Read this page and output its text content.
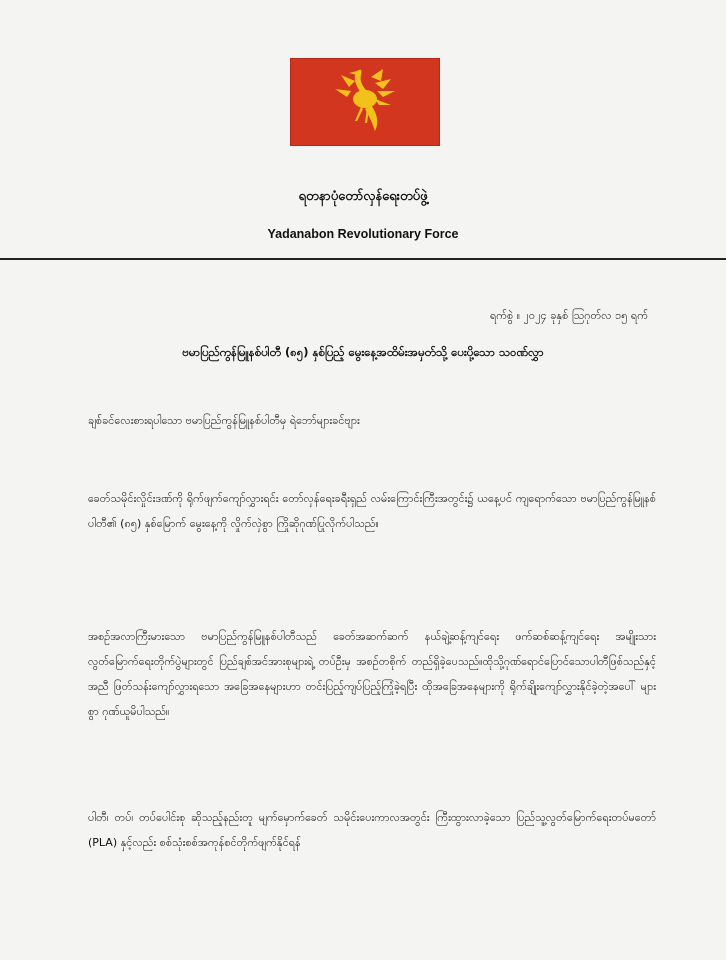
ရတနာပုံတော်လှန်ရေးတပ်ဖွဲ့
Yadanabon Revolutionary Force
ရက်စွဲ ။ ၂၀၂၄ ခုနှစ် ဩဂုတ်လ ၁၅ ရက်
ဗမာပြည်ကွန်မြူနစ်ပါတီ (၈၅) နှစ်ပြည့် မွေးနေ့အထိမ်းအမှတ်သို့ ပေးပို့သော သဝဏ်လွှာ
ချစ်ခင်လေးစားရပါသော ဗမာပြည်ကွန်မြူနစ်ပါတီမှ ရဲဘော်များခင်ဗျား
ခေတ်သမိုင်းလှိုင်းဒဏ်ကို ရိုက်ဖျက်ကျော်လွှားရင်း တော်လှန်ရေးခရီးရှည် လမ်းကြောင်းကြီးအတွင်း၌ ယနေ့ပင် ကျရောက်သော ဗမာပြည်ကွန်မြူနစ်ပါတီ၏ (၈၅) နှစ်မြောက် မွေးနေ့ကို လှိုက်လှဲစွာ ကြိုဆိုဂုဏ်ပြုလိုက်ပါသည်။
အစဉ်အလာကြီးမားသော ဗမာပြည်ကွန်မြူနစ်ပါတီသည် ခေတ်အဆက်ဆက် နယ်ချဲ့ဆန့်ကျင်ရေး ဖက်ဆစ်ဆန့်ကျင်ရေး အမျိုးသားလွတ်မြောက်ရေးတိုက်ပွဲများတွင် ပြည်ချစ်အင်အားစုများရဲ့ တပ်ဦးမှ အစဉ်တစိုက် တည်ရှိခဲ့ပေသည်။ထိုသို့ဂုဏ်ရောင်ပြောင်သောပါတီဖြစ်သည်နှင့်အညီ ဖြတ်သန်းကျော်လွှားရသော အခြေအနေများဟာ တင်းပြည့်ကျပ်ပြည့်ကြုံခဲ့ရပြီး ထိုအခြေအနေများကို ရိုက်ချိုးကျော်လွှားနိုင်ခဲ့တဲ့အပေါ် များစွာ ဂုဏ်ယူမိပါသည်။
ပါတီ၊ တပ်၊ တပ်ပေါင်းစု ဆိုသည့်နည်းတူ မျက်မှောက်ခေတ် သမိုင်းပေးကာလအတွင်း ကြီးထွားလာခဲ့သော ပြည်သူ့လွတ်မြောက်ရေးတပ်မတော် (PLA) နှင့်လည်း စစ်သုံးစစ်အကုန်စင်တိုက်ဖျက်နိုင်ရန်
